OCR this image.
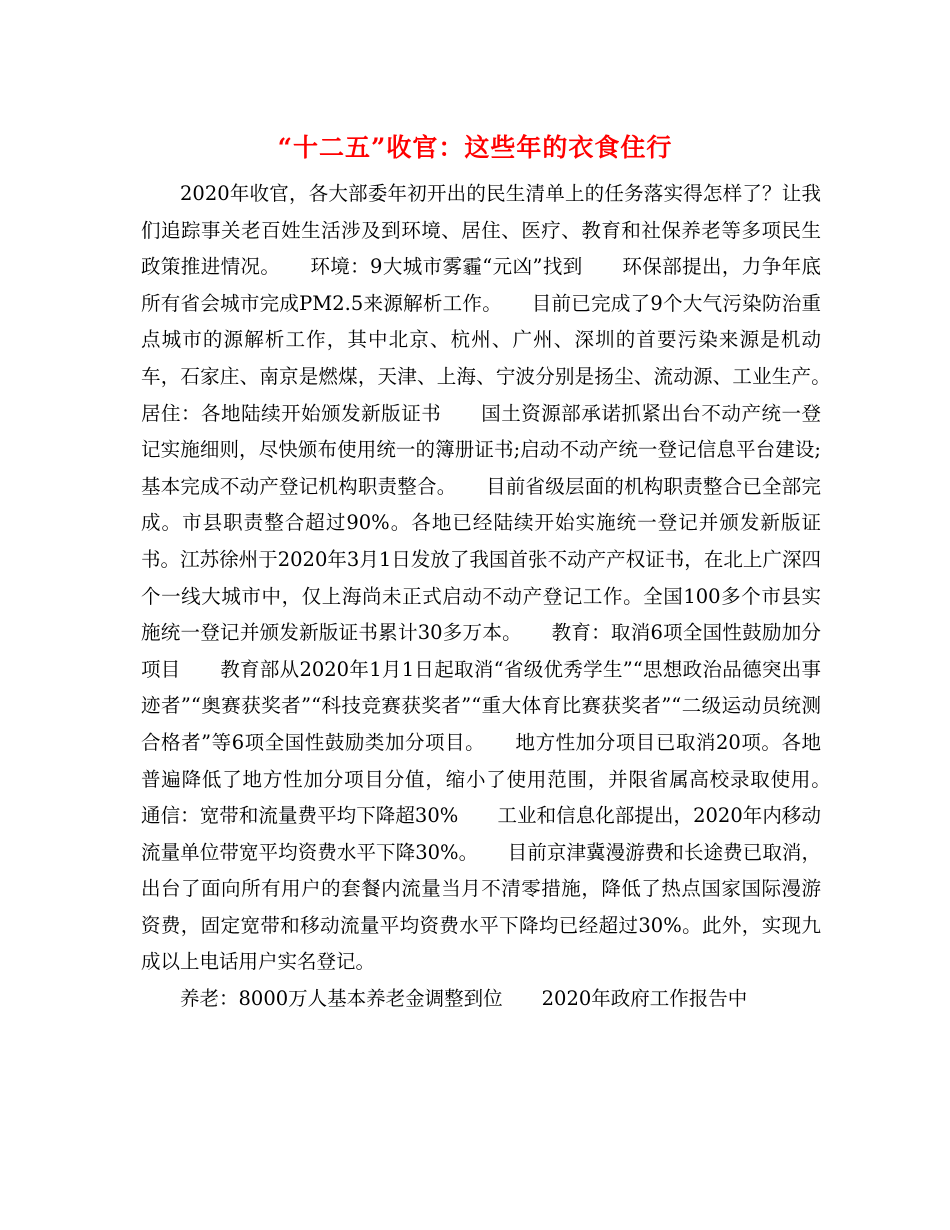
“十二五”收官：这些年的衣食住行

2020年收官，各大部委年初开出的民生清单上的任务落实得怎样了？让我们追踪事关老百姓生活涉及到环境、居住、医疗、教育和社保养老等多项民生政策推进情况。　　环境：9大城市雾霾“元凶”找到　　环保部提出，力争年底所有省会城市完成PM2.5来源解析工作。　　目前已完成了9个大气污染防治重点城市的源解析工作，其中北京、杭州、广州、深圳的首要污染来源是机动车，石家庄、南京是燃煤，天津、上海、宁波分别是扬尘、流动源、工业生产。　　居住：各地陆续开始颁发新版证书　　国土资源部承诺抓紧出台不动产统一登记实施细则，尽快颁布使用统一的簿册证书;启动不动产统一登记信息平台建设;基本完成不动产登记机构职责整合。　　目前省级层面的机构职责整合已全部完成。市县职责整合超过90%。各地已经陆续开始实施统一登记并颁发新版证书。江苏徐州于2020年3月1日发放了我国首张不动产产权证书，在北上广深四个一线大城市中，仅上海尚未正式启动不动产登记工作。全国100多个市县实施统一登记并颁发新版证书累计30多万本。　　教育：取消6项全国性鼓励加分项目　　教育部从2020年1月1日起取消“省级优秀学生”“思想政治品德突出事迹者”“奥赛获奖者”“科技竞赛获奖者”“重大体育比赛获奖者”“二级运动员统测合格者”等6项全国性鼓励类加分项目。　　地方性加分项目已取消20项。各地普遍降低了地方性加分项目分值，缩小了使用范围，并限省属高校录取使用。　　通信：宽带和流量费平均下降超30%　　工业和信息化部提出，2020年内移动流量单位带宽平均资费水平下降30%。　　目前京津冀漫游费和长途费已取消，出台了面向所有用户的套餐内流量当月不清零措施，降低了热点国家国际漫游资费，固定宽带和移动流量平均资费水平下降均已经超过30%。此外，实现九成以上电话用户实名登记。

养老：8000万人基本养老金调整到位　　2020年政府工作报告中
